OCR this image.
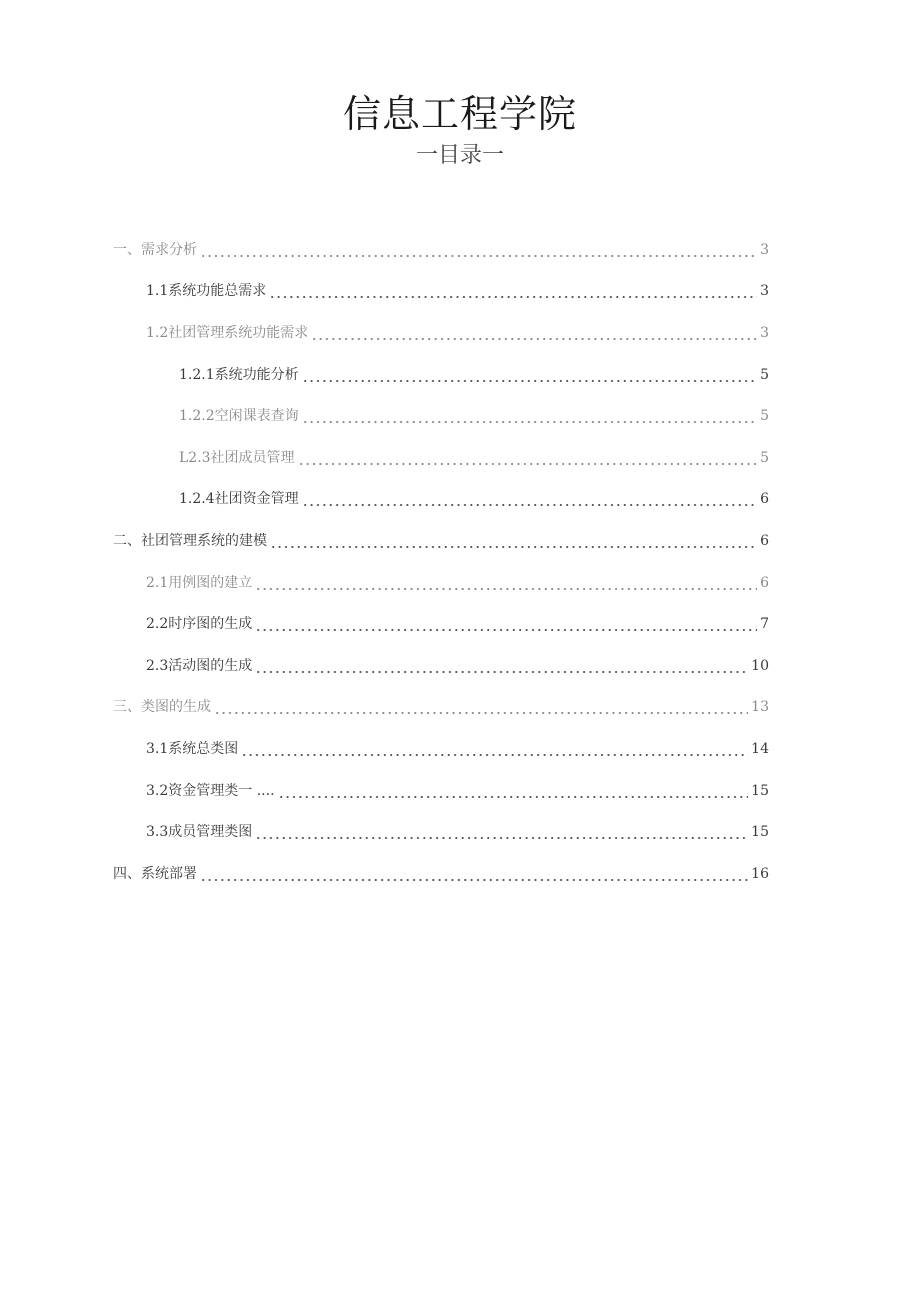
信息工程学院
一目录一
一、需求分析	3
1.1系统功能总需求	3
1.2社团管理系统功能需求	3
1.2.1系统功能分析	5
1.2.2空闲课表查询	5
L2.3社团成员管理	5
1.2.4社团资金管理	6
二、社团管理系统的建模	6
2.1用例图的建立	6
2.2时序图的生成	7
2.3活动图的生成	10
三、类图的生成	13
3.1系统总类图	14
3.2资金管理类一 ....	15
3.3成员管理类图	15
四、系统部署	16
